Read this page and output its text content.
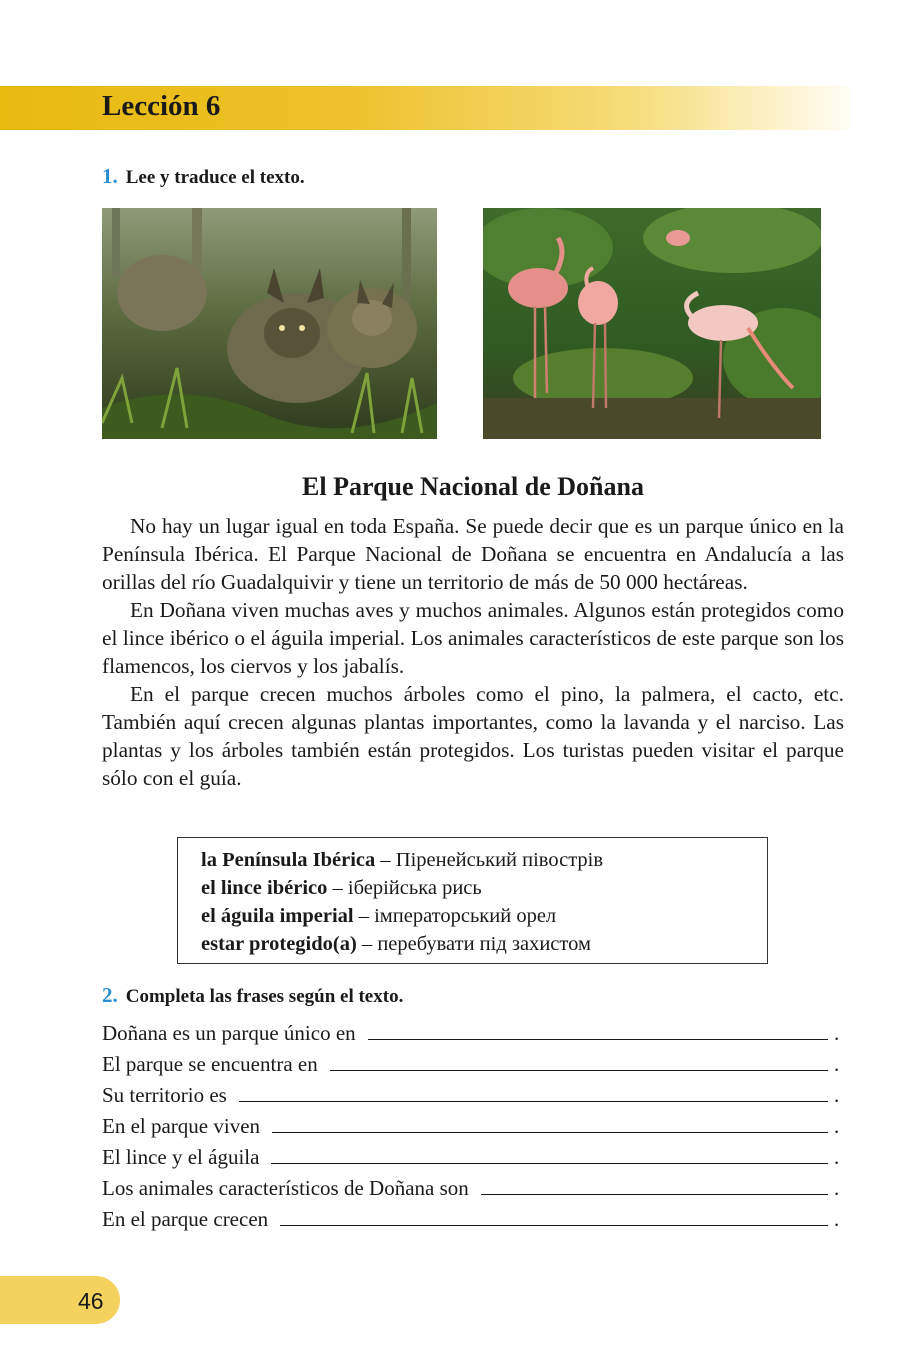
Lección 6
1. Lee y traduce el texto.
El Parque Nacional de Doñana

No hay un lugar igual en toda España. Se puede decir que es un parque único en la Península Ibérica. El Parque Nacional de Doñana se encuentra en Andalucía a las orillas del río Guadalquivir y tiene un territorio de más de 50 000 hectáreas.

En Doñana viven muchas aves y muchos animales. Algunos están protegidos como el lince ibérico o el águila imperial. Los animales característicos de este parque son los flamencos, los ciervos y los jabalís.

En el parque crecen muchos árboles como el pino, la palmera, el cacto, etc. También aquí crecen algunas plantas importantes, como la lavanda y el narciso. Las plantas y los árboles también están protegidos. Los turistas pueden visitar el parque sólo con el guía.

la Península Ibérica – Піренейський півострів
el lince ibérico – іберійська рись
el águila imperial – імператорський орел
estar protegido(a) – перебувати під захистом
2. Completa las frases según el texto.
Doñana es un parque único en	.
El parque se encuentra en	.
Su territorio es	.
En el parque viven	.
El lince y el águila	.
Los animales característicos de Doñana son	.
En el parque crecen	.
46
